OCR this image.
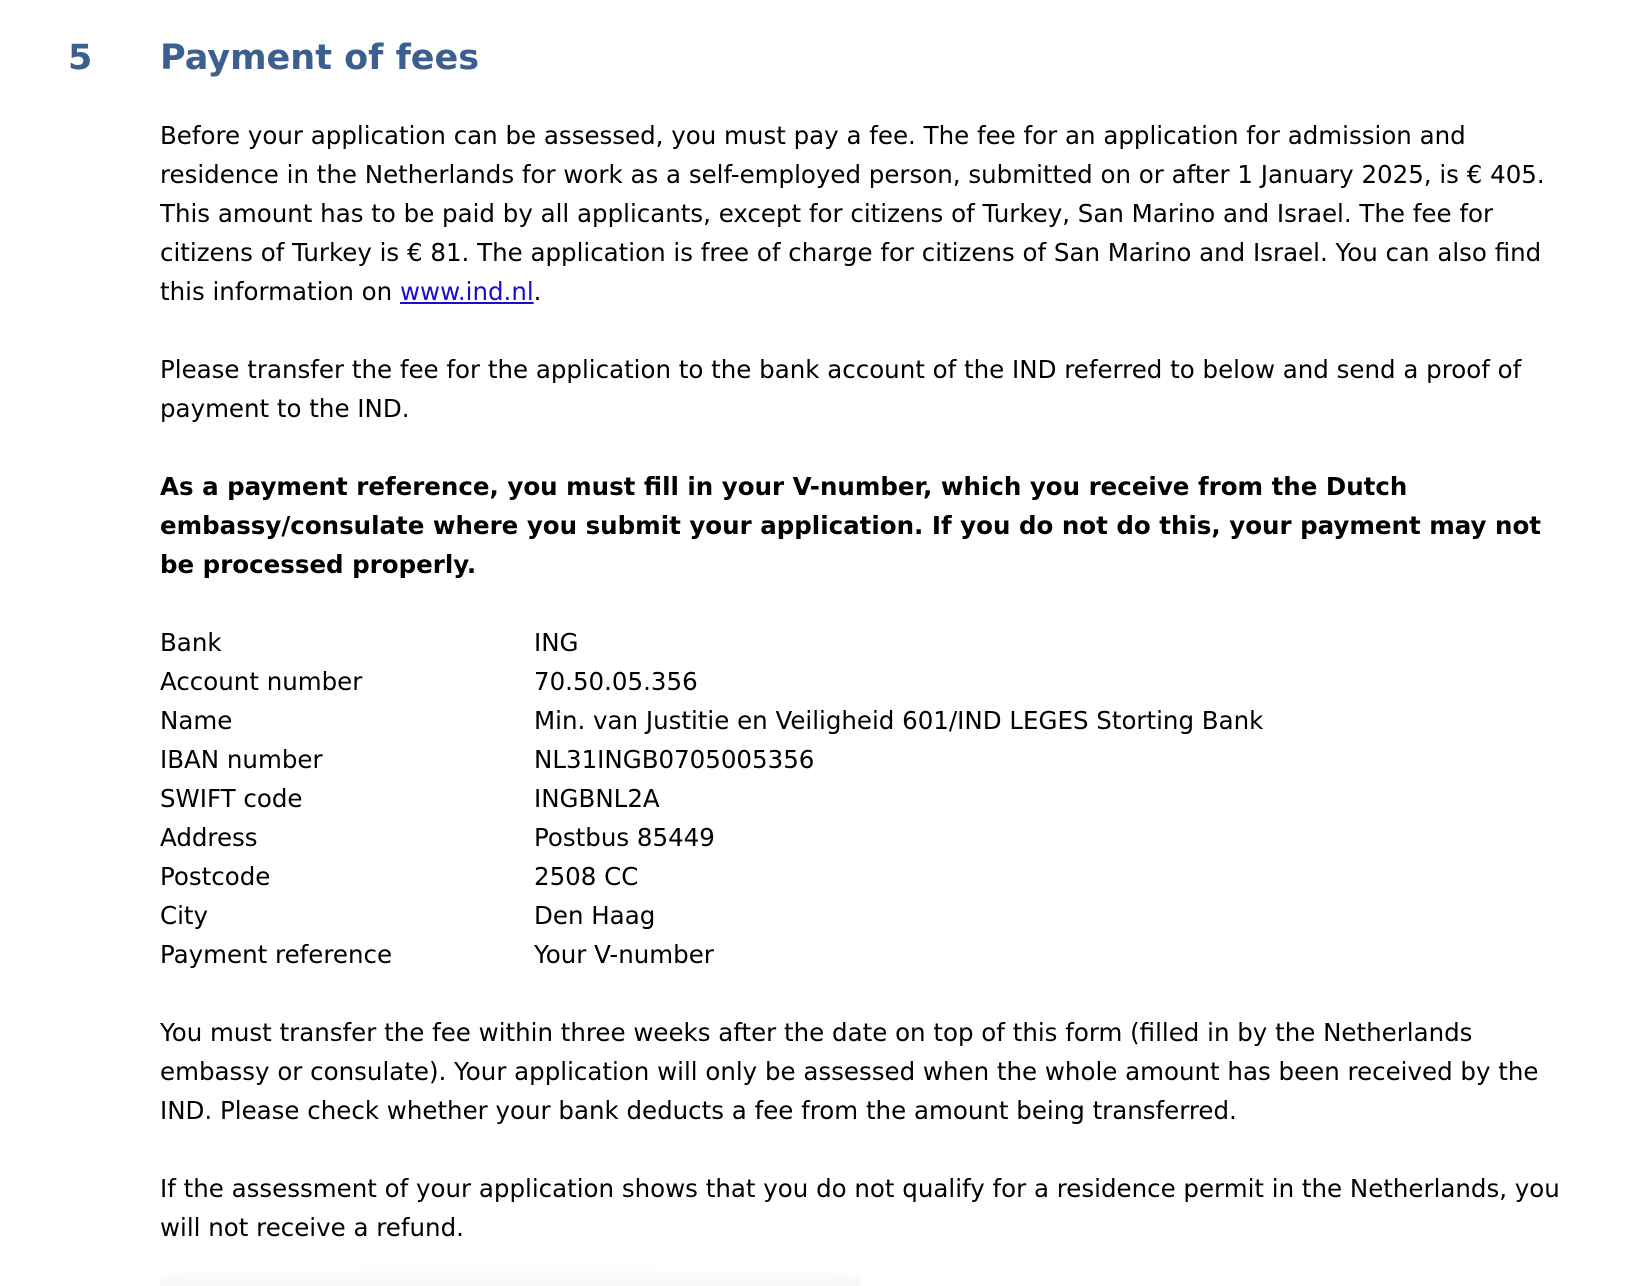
5	Payment of fees

Before your application can be assessed, you must pay a fee. The fee for an application for admission and residence in the Netherlands for work as a self-employed person, submitted on or after 1 January 2025, is € 405. This amount has to be paid by all applicants, except for citizens of Turkey, San Marino and Israel. The fee for citizens of Turkey is € 81. The application is free of charge for citizens of San Marino and Israel. You can also find this information on www.ind.nl.

Please transfer the fee for the application to the bank account of the IND referred to below and send a proof of payment to the IND.

As a payment reference, you must fill in your V-number, which you receive from the Dutch embassy/consulate where you submit your application. If you do not do this, your payment may not be processed properly.

Bank	ING
Account number	70.50.05.356
Name	Min. van Justitie en Veiligheid 601/IND LEGES Storting Bank
IBAN number	NL31INGB0705005356
SWIFT code	INGBNL2A
Address	Postbus 85449
Postcode	2508 CC
City	Den Haag
Payment reference	Your V-number

You must transfer the fee within three weeks after the date on top of this form (filled in by the Netherlands embassy or consulate). Your application will only be assessed when the whole amount has been received by the IND. Please check whether your bank deducts a fee from the amount being transferred.

If the assessment of your application shows that you do not qualify for a residence permit in the Netherlands, you will not receive a refund.
